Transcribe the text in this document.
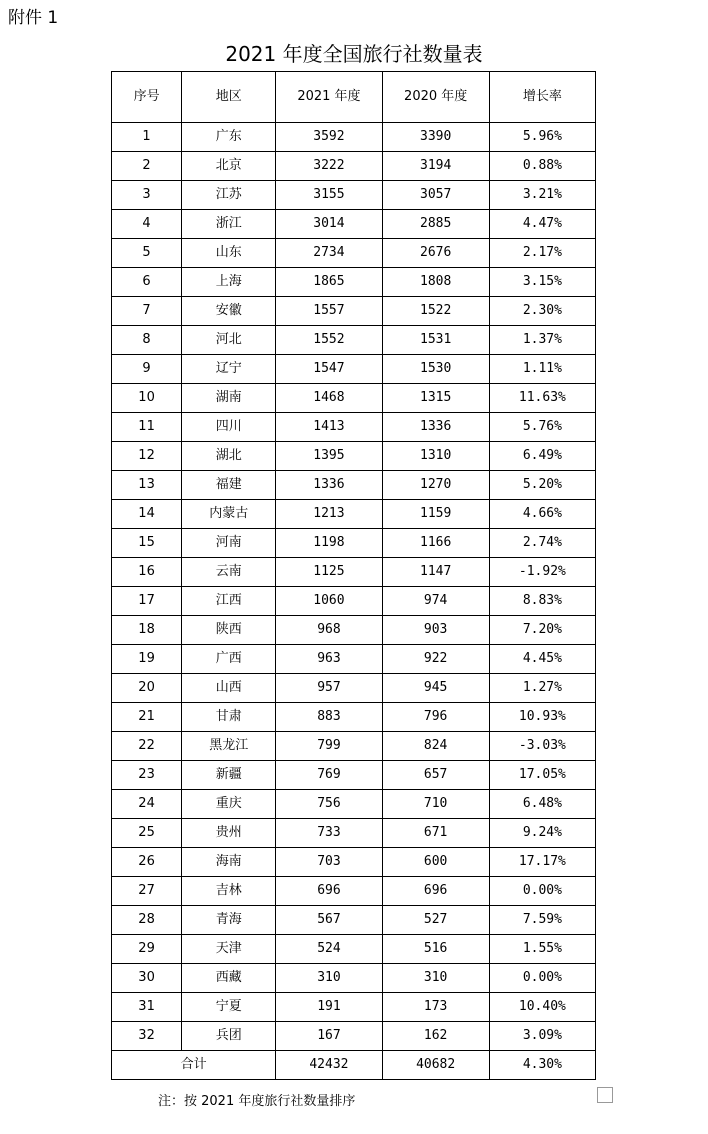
附件 1
2021 年度全国旅行社数量表
序号	地区	2021 年度	2020 年度	增长率
1	广东	3592	3390	5.96%
2	北京	3222	3194	0.88%
3	江苏	3155	3057	3.21%
4	浙江	3014	2885	4.47%
5	山东	2734	2676	2.17%
6	上海	1865	1808	3.15%
7	安徽	1557	1522	2.30%
8	河北	1552	1531	1.37%
9	辽宁	1547	1530	1.11%
10	湖南	1468	1315	11.63%
11	四川	1413	1336	5.76%
12	湖北	1395	1310	6.49%
13	福建	1336	1270	5.20%
14	内蒙古	1213	1159	4.66%
15	河南	1198	1166	2.74%
16	云南	1125	1147	-1.92%
17	江西	1060	974	8.83%
18	陕西	968	903	7.20%
19	广西	963	922	4.45%
20	山西	957	945	1.27%
21	甘肃	883	796	10.93%
22	黑龙江	799	824	-3.03%
23	新疆	769	657	17.05%
24	重庆	756	710	6.48%
25	贵州	733	671	9.24%
26	海南	703	600	17.17%
27	吉林	696	696	0.00%
28	青海	567	527	7.59%
29	天津	524	516	1.55%
30	西藏	310	310	0.00%
31	宁夏	191	173	10.40%
32	兵团	167	162	3.09%
合计		42432	40682	4.30%
注：按 2021 年度旅行社数量排序
